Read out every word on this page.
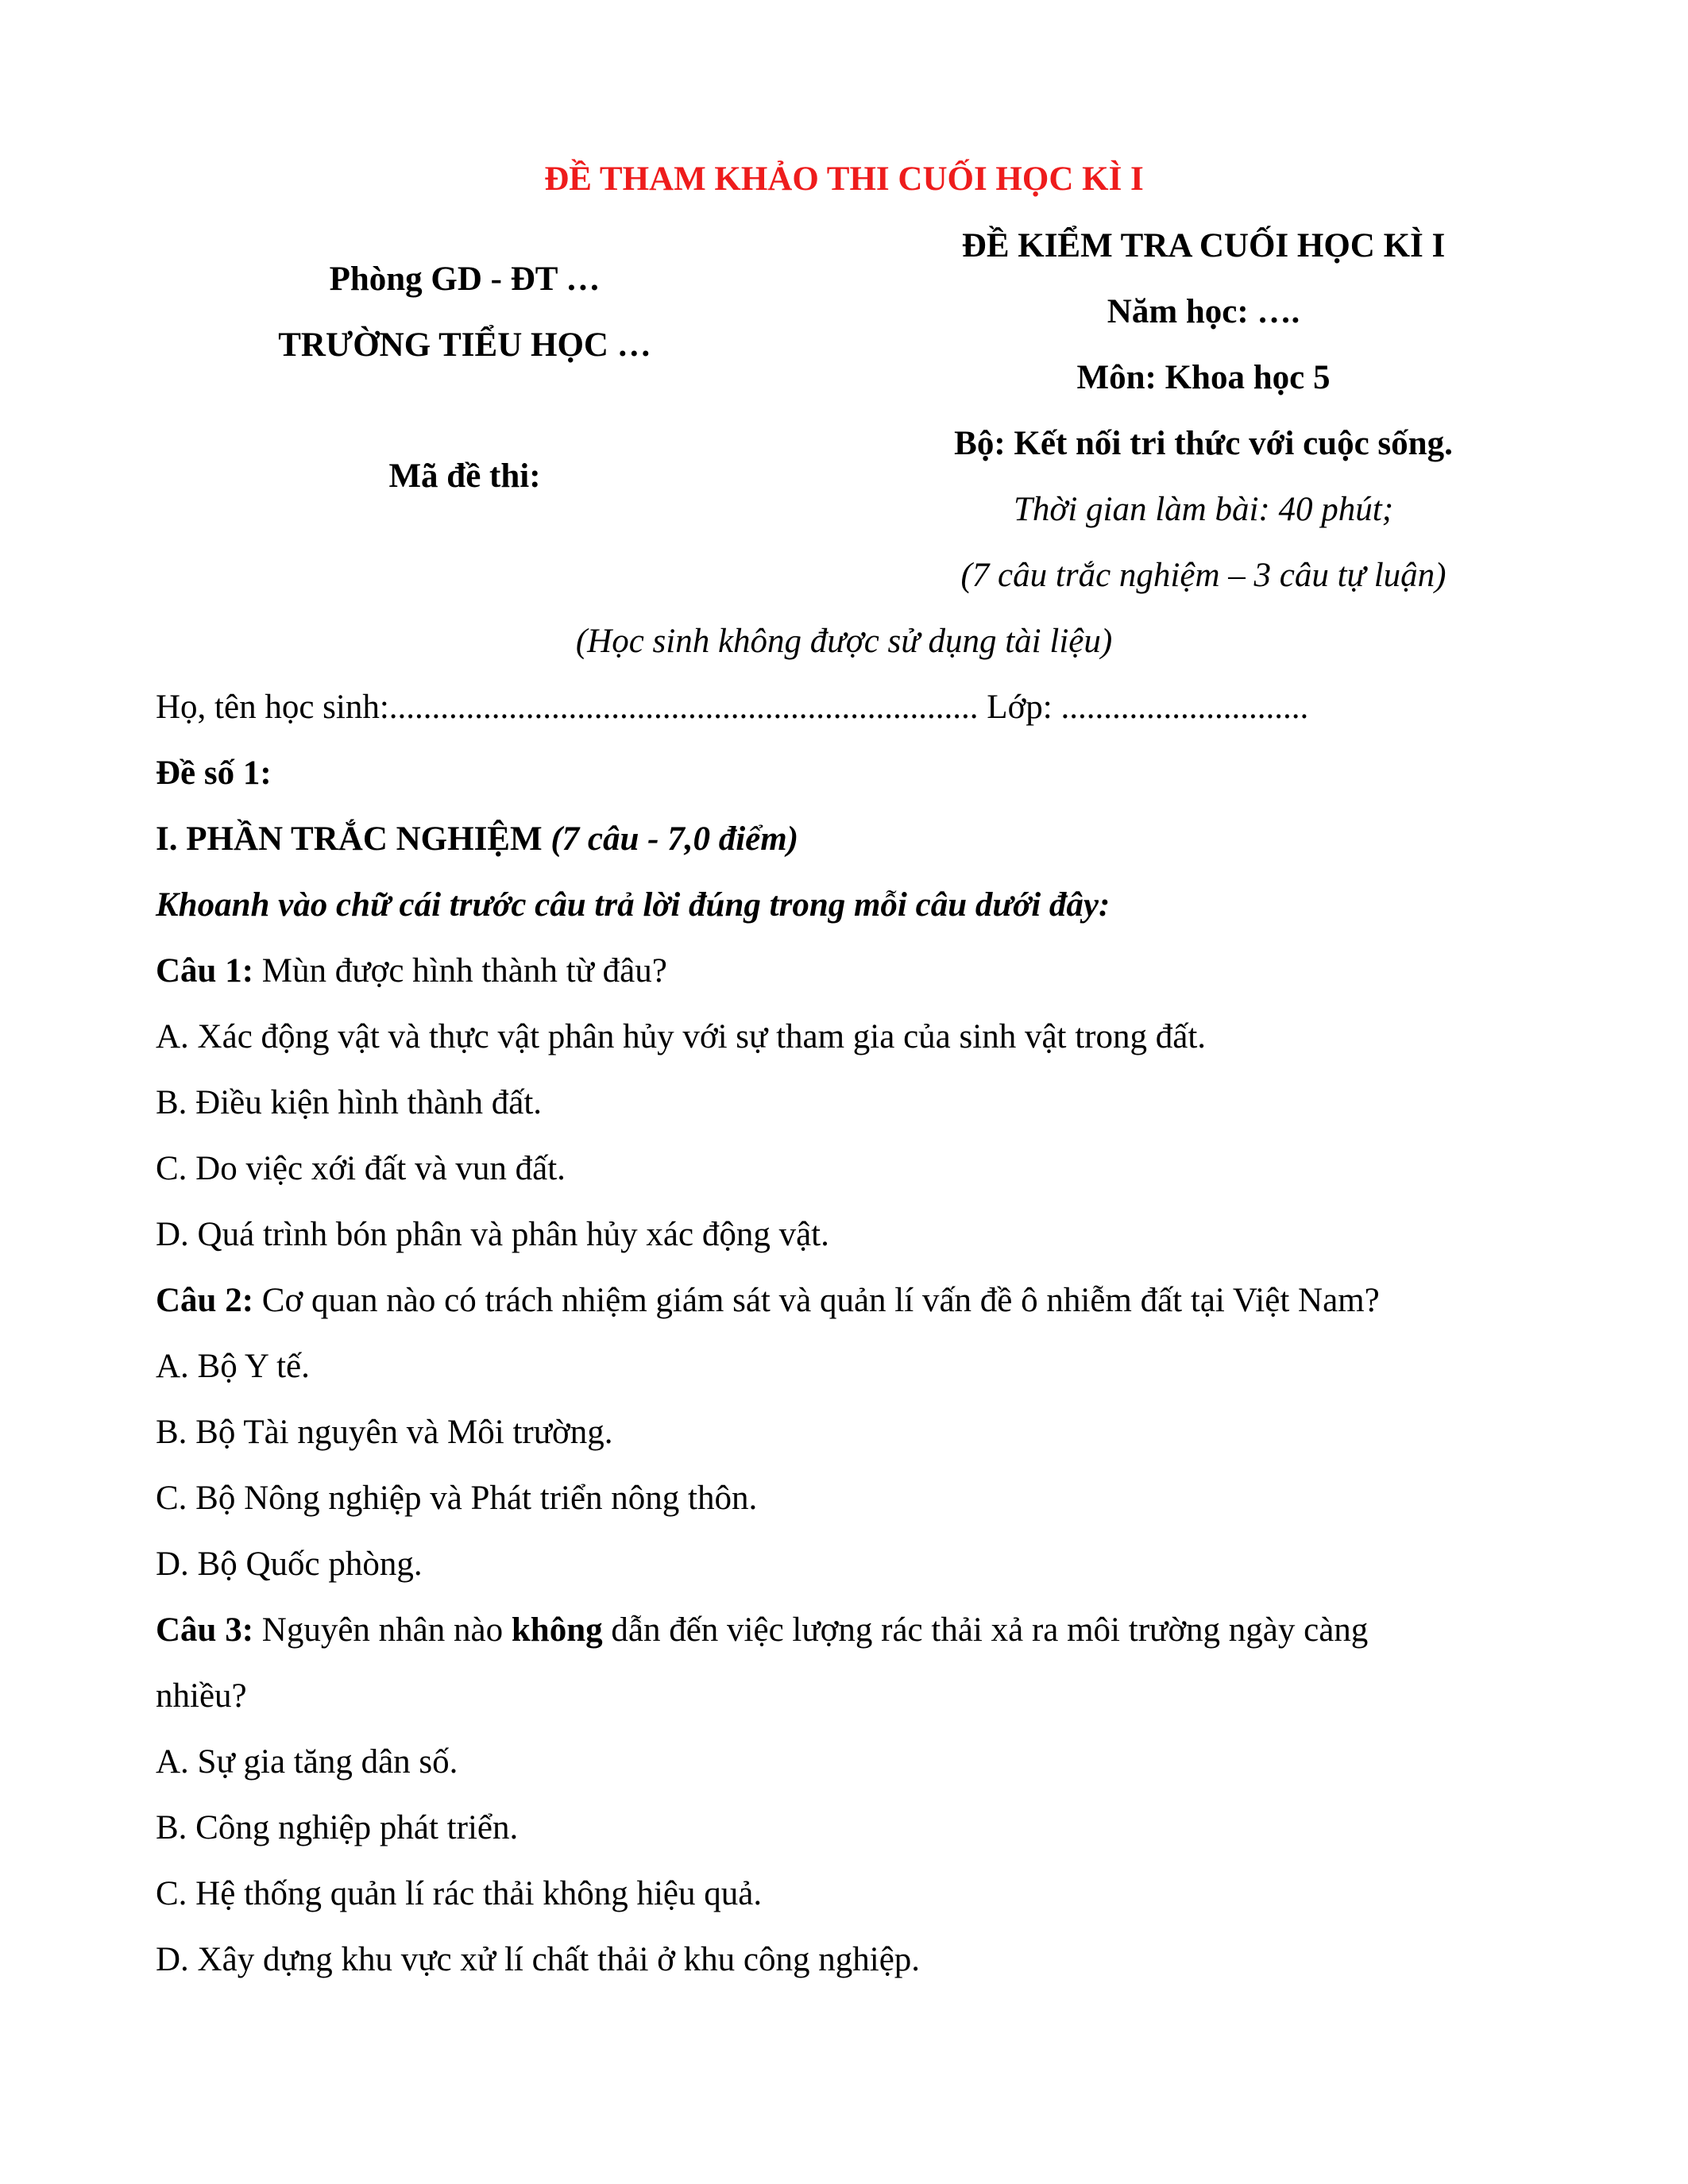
ĐỀ THAM KHẢO THI CUỐI HỌC KÌ I
Phòng GD - ĐT …
TRƯỜNG TIỂU HỌC …
Mã đề thi:
ĐỀ KIỂM TRA CUỐI HỌC KÌ I
Năm học: ….
Môn: Khoa học 5
Bộ: Kết nối tri thức với cuộc sống.
Thời gian làm bài: 40 phút;
(7 câu trắc nghiệm – 3 câu tự luận)
(Học sinh không được sử dụng tài liệu)
Họ, tên học sinh:..................................................................... Lớp: .............................
Đề số 1:
I. PHẦN TRẮC NGHIỆM (7 câu - 7,0 điểm)
Khoanh vào chữ cái trước câu trả lời đúng trong mỗi câu dưới đây:
Câu 1: Mùn được hình thành từ đâu?
A. Xác động vật và thực vật phân hủy với sự tham gia của sinh vật trong đất.
B. Điều kiện hình thành đất.
C. Do việc xới đất và vun đất.
D. Quá trình bón phân và phân hủy xác động vật.
Câu 2: Cơ quan nào có trách nhiệm giám sát và quản lí vấn đề ô nhiễm đất tại Việt Nam?
A. Bộ Y tế.
B. Bộ Tài nguyên và Môi trường.
C. Bộ Nông nghiệp và Phát triển nông thôn.
D. Bộ Quốc phòng.
Câu 3: Nguyên nhân nào không dẫn đến việc lượng rác thải xả ra môi trường ngày càng
nhiều?
A. Sự gia tăng dân số.
B. Công nghiệp phát triển.
C. Hệ thống quản lí rác thải không hiệu quả.
D. Xây dựng khu vực xử lí chất thải ở khu công nghiệp.
